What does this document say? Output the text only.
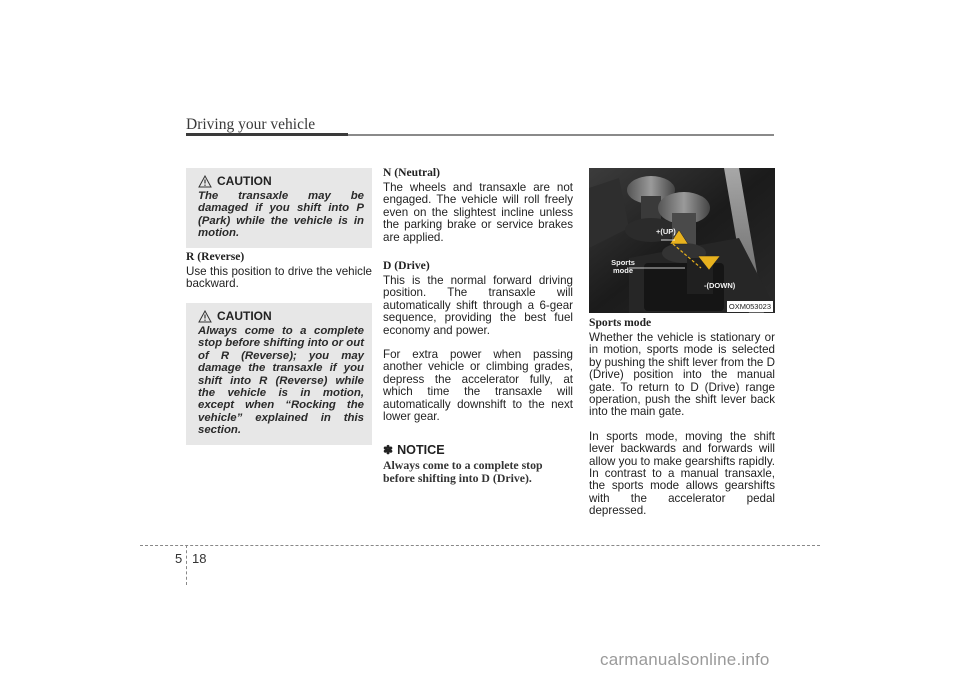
Driving your vehicle
CAUTION

The transaxle may be damaged if you shift into P (Park) while the vehicle is in motion.

R (Reverse)

Use this position to drive the vehicle backward.

CAUTION

Always come to a complete stop before shifting into or out of R (Reverse); you may damage the transaxle if you shift into R (Reverse) while the vehicle is in motion, except when “Rocking the vehicle” explained in this section.

N (Neutral)

The wheels and transaxle are not engaged. The vehicle will roll freely even on the slightest incline unless the parking brake or service brakes are applied.

D (Drive)

This is the normal forward driving position. The transaxle will automatically shift through a 6-gear sequence, providing the best fuel economy and power.

For extra power when passing another vehicle or climbing grades, depress the accelerator fully, at which time the transaxle will automatically downshift to the next lower gear.

✽ NOTICE

Always come to a complete stop before shifting into D (Drive).

+(UP)
Sports mode
-(DOWN)
OXM053023

Sports mode

Whether the vehicle is stationary or in motion, sports mode is selected by pushing the shift lever from the D (Drive) position into the manual gate. To return to D (Drive) range operation, push the shift lever back into the main gate.

In sports mode, moving the shift lever backwards and forwards will allow you to make gearshifts rapidly. In contrast to a manual transaxle, the sports mode allows gearshifts with the accelerator pedal depressed.

5 18
carmanualsonline.info
